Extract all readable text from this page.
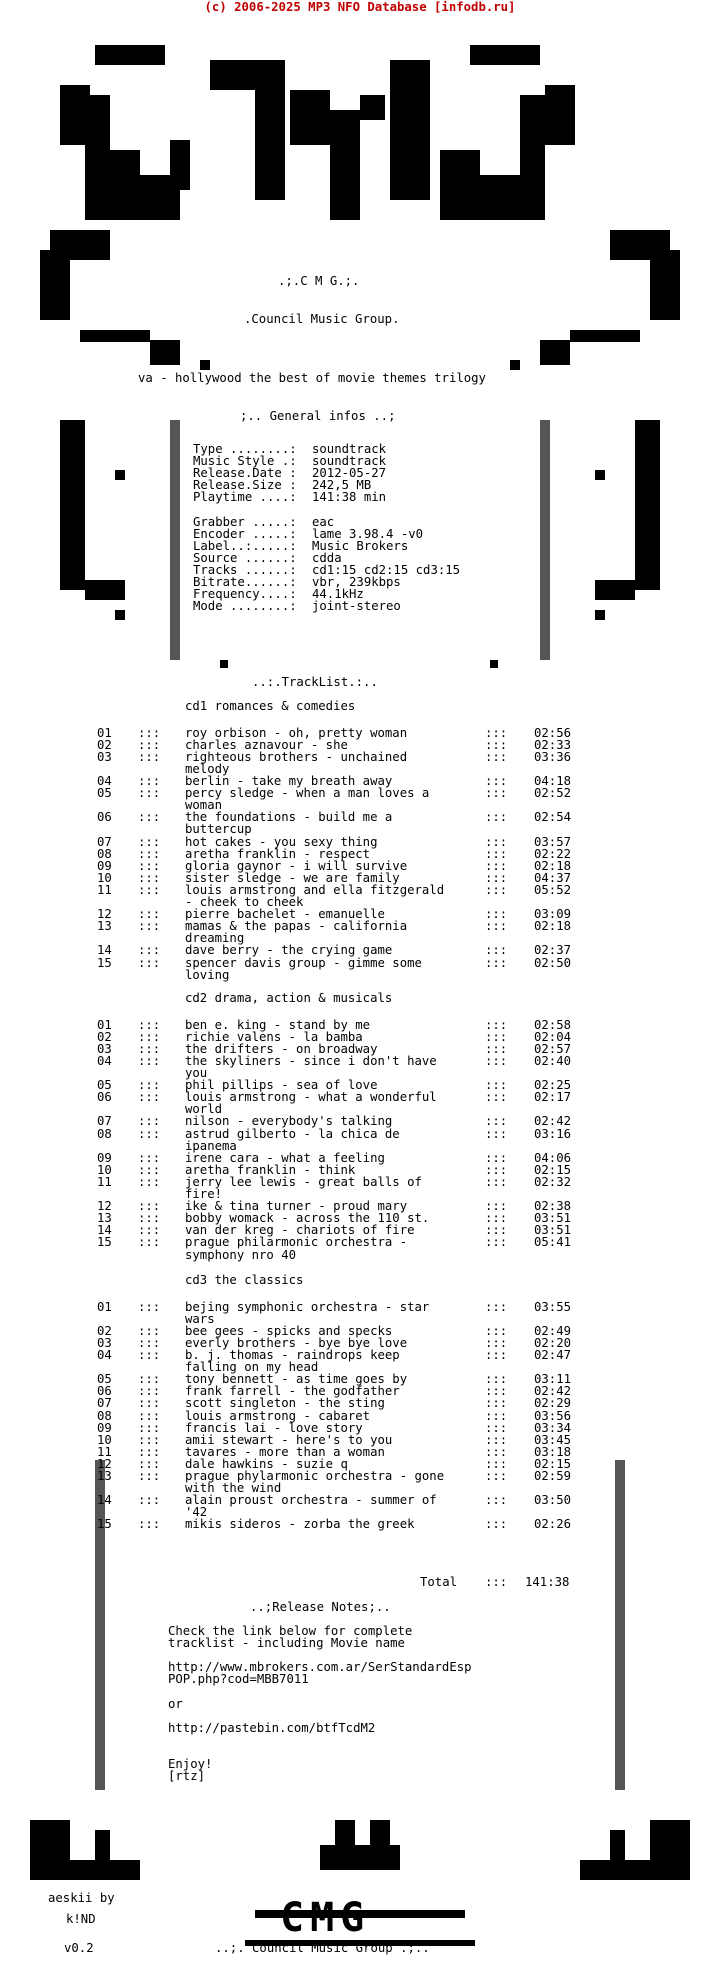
(c) 2006-2025 MP3 NFO Database [infodb.ru]
.;.C M G.;.
.Council Music Group.
va - hollywood the best of movie themes trilogy
;.. General infos ..;
Type ........: soundtrack
Music Style .: soundtrack
Release.Date : 2012-05-27
Release.Size : 242,5 MB
Playtime ....: 141:38 min
Grabber .....: eac
Encoder .....: lame 3.98.4 -v0
Label..:.....: Music Brokers
Source ......: cdda
Tracks ......: cd1:15 cd2:15 cd3:15
Bitrate......: vbr, 239kbps
Frequency....: 44.1kHz
Mode ........: joint-stereo
..:.TrackList.:..
cd1 romances & comedies
01 ::: roy orbison - oh, pretty woman	::: 02:56
02 ::: charles aznavour - she	::: 02:33
03 ::: righteous brothers - unchained	::: 03:36
melody
04 ::: berlin - take my breath away	::: 04:18
05 ::: percy sledge - when a man loves a	::: 02:52
woman
06 ::: the foundations - build me a	::: 02:54
buttercup
07 ::: hot cakes - you sexy thing	::: 03:57
08 ::: aretha franklin - respect	::: 02:22
09 ::: gloria gaynor - i will survive	::: 02:18
10 ::: sister sledge - we are family	::: 04:37
11 ::: louis armstrong and ella fitzgerald	::: 05:52
- cheek to cheek
12 ::: pierre bachelet - emanuelle	::: 03:09
13 ::: mamas & the papas - california	::: 02:18
dreaming
14 ::: dave berry - the crying game	::: 02:37
15 ::: spencer davis group - gimme some	::: 02:50
loving
cd2 drama, action & musicals
01 ::: ben e. king - stand by me	::: 02:58
02 ::: richie valens - la bamba	::: 02:04
03 ::: the drifters - on broadway	::: 02:57
04 ::: the skyliners - since i don't have	::: 02:40
you
05 ::: phil pillips - sea of love	::: 02:25
06 ::: louis armstrong - what a wonderful	::: 02:17
world
07 ::: nilson - everybody's talking	::: 02:42
08 ::: astrud gilberto - la chica de	::: 03:16
ipanema
09 ::: irene cara - what a feeling	::: 04:06
10 ::: aretha franklin - think	::: 02:15
11 ::: jerry lee lewis - great balls of	::: 02:32
fire!
12 ::: ike & tina turner - proud mary	::: 02:38
13 ::: bobby womack - across the 110 st.	::: 03:51
14 ::: van der kreg - chariots of fire	::: 03:51
15 ::: prague philarmonic orchestra -	::: 05:41
symphony nro 40
cd3 the classics
01 ::: bejing symphonic orchestra - star	::: 03:55
wars
02 ::: bee gees - spicks and specks	::: 02:49
03 ::: everly brothers - bye bye love	::: 02:20
04 ::: b. j. thomas - raindrops keep	::: 02:47
falling on my head
05 ::: tony bennett - as time goes by	::: 03:11
06 ::: frank farrell - the godfather	::: 02:42
07 ::: scott singleton - the sting	::: 02:29
08 ::: louis armstrong - cabaret	::: 03:56
09 ::: francis lai - love story	::: 03:34
10 ::: amii stewart - here's to you	::: 03:45
11 ::: tavares - more than a woman	::: 03:18
12 ::: dale hawkins - suzie q	::: 02:15
13 ::: prague phylarmonic orchestra - gone	::: 02:59
with the wind
14 ::: alain proust orchestra - summer of	::: 03:50
'42
15 ::: mikis sideros - zorba the greek	::: 02:26
Total ::: 141:38
..;Release Notes;..
Check the link below for complete
tracklist - including Movie name
http://www.mbrokers.com.ar/SerStandardEsp
POP.php?cod=MBB7011
or
http://pastebin.com/btfTcdM2
Enjoy!
[rtz]
aeskii by
k!ND
v0.2
CMG
..;. Council Music Group .;..
